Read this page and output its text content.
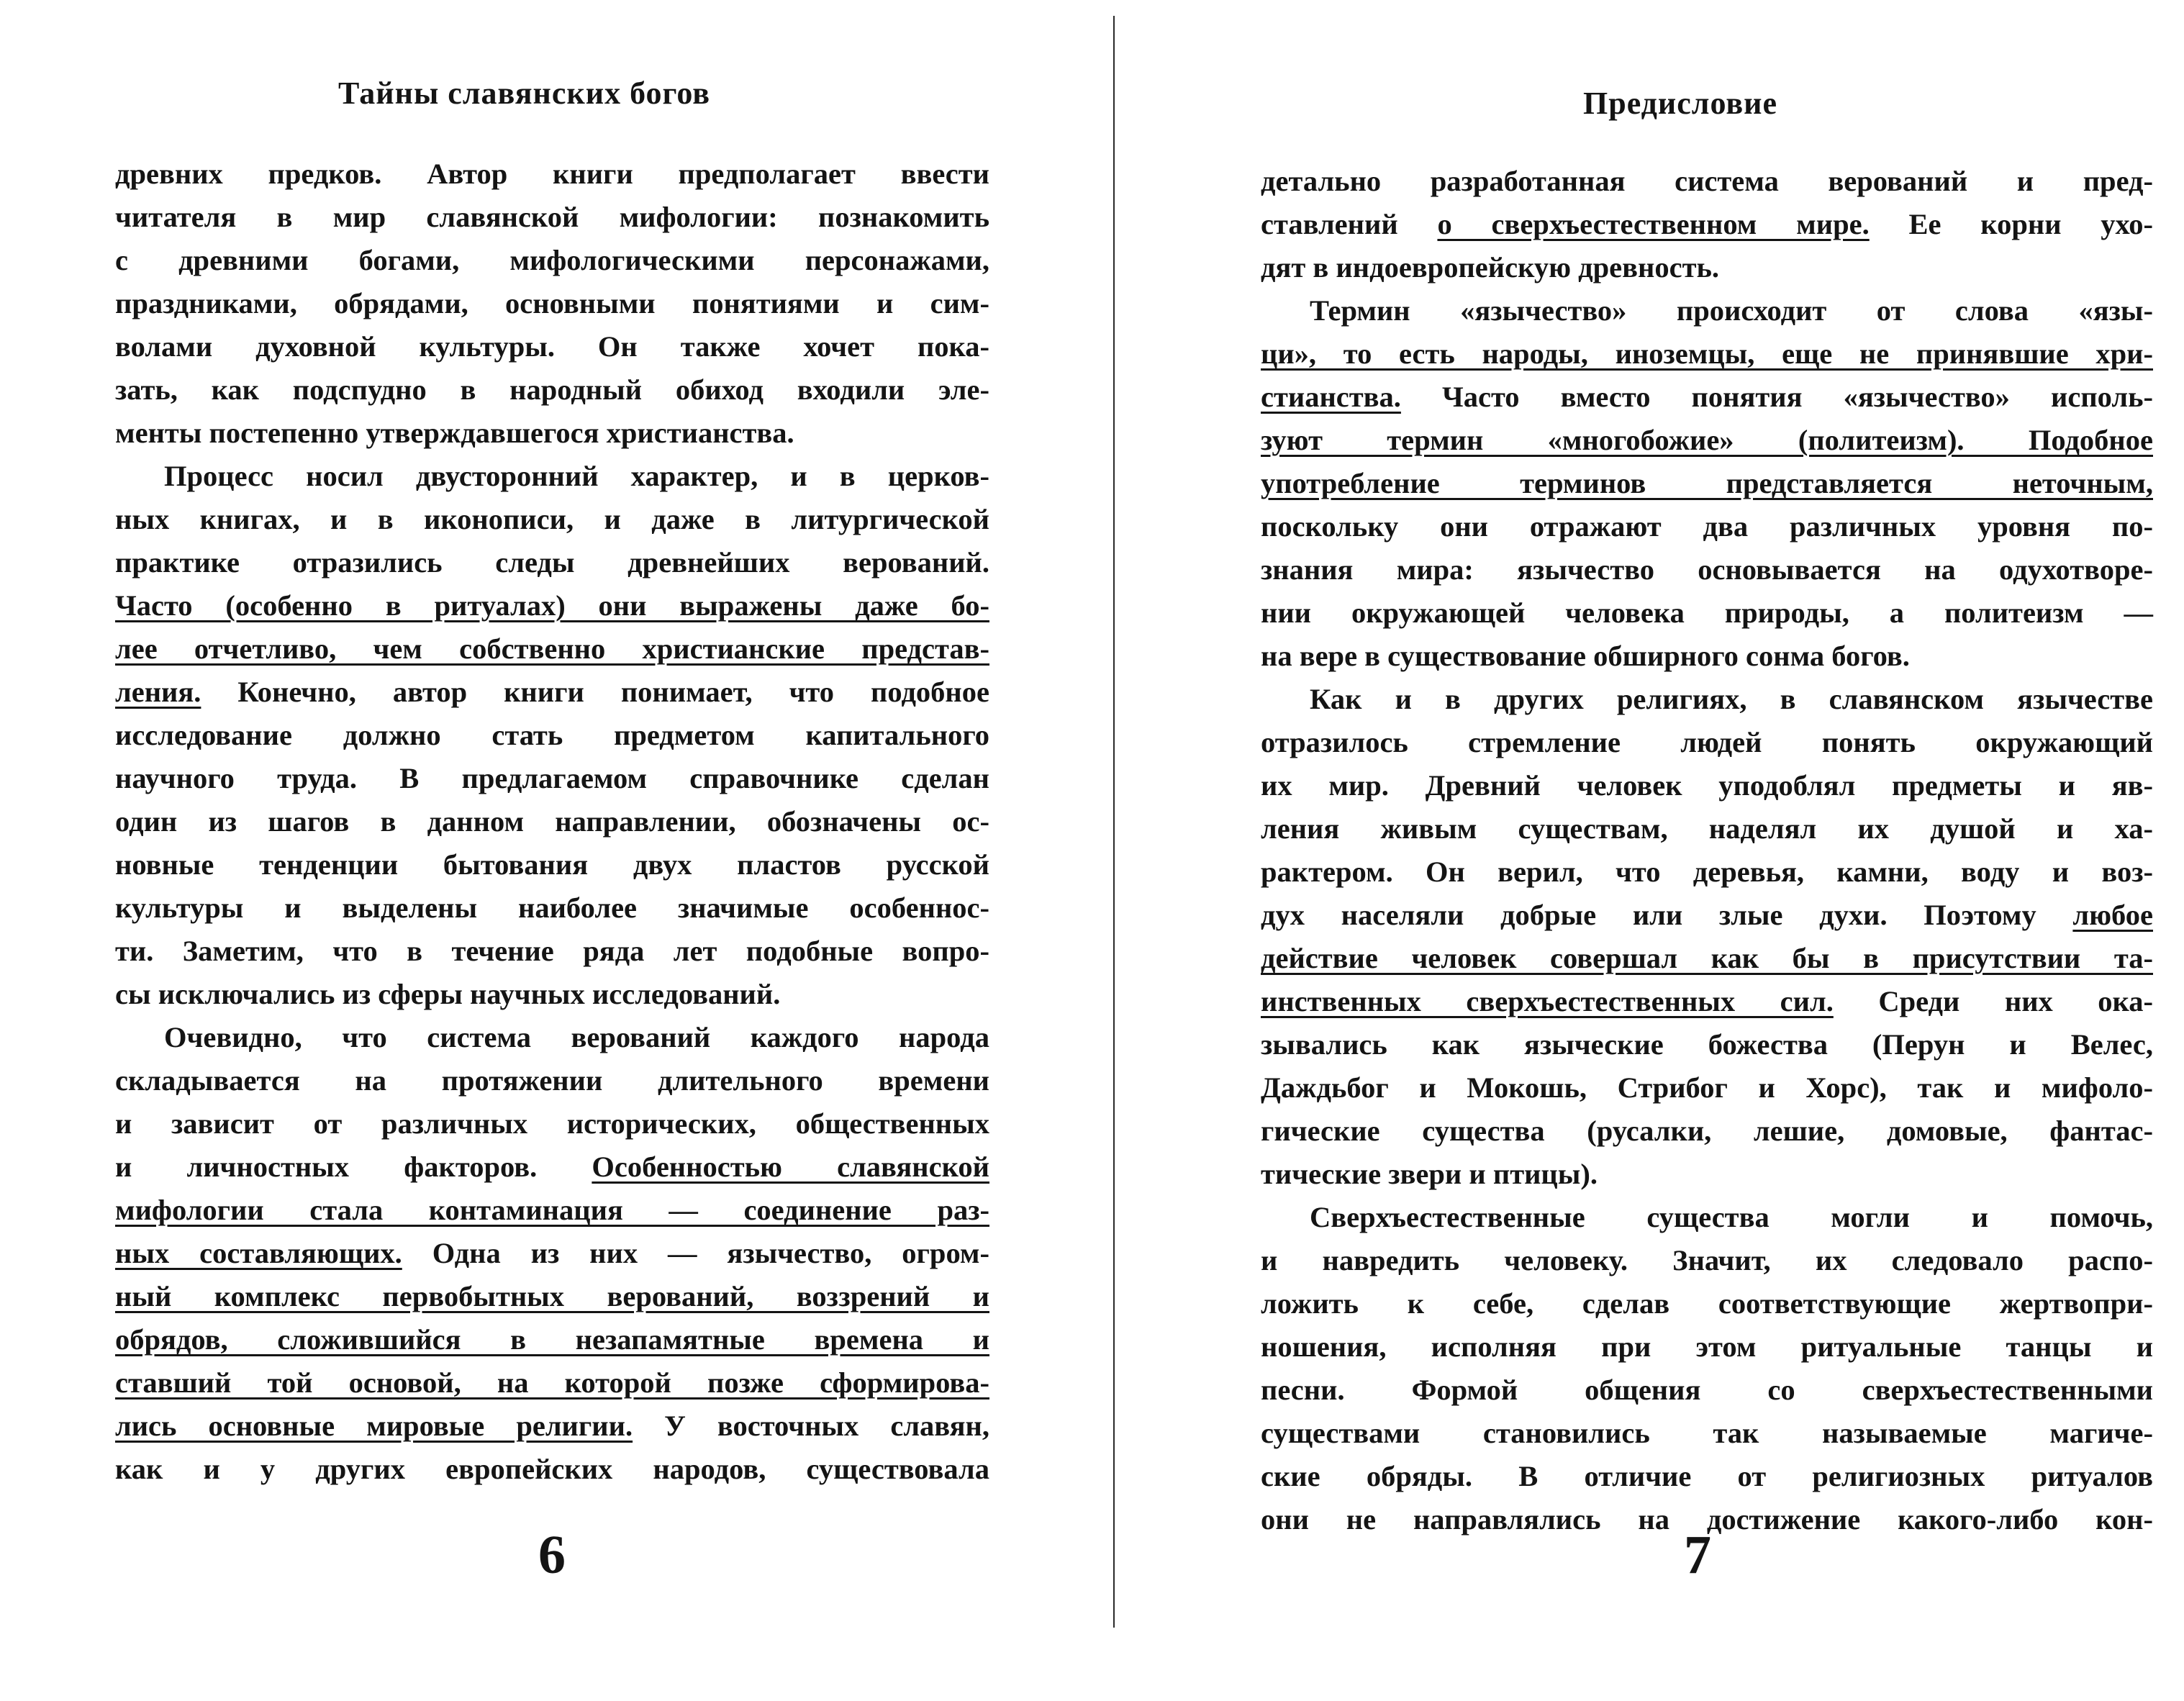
Тайны славянских богов
древних предков. Автор книги предполагает ввести
читателя в мир славянской мифологии: познакомить
с древними богами, мифологическими персонажами,
праздниками, обрядами, основными понятиями и сим-
волами духовной культуры. Он также хочет пока-
зать, как подспудно в народный обиход входили эле-
менты постепенно утверждавшегося христианства.
Процесс носил двусторонний характер, и в церков-
ных книгах, и в иконописи, и даже в литургической
практике отразились следы древнейших верований.
Часто (особенно в ритуалах) они выражены даже бо-
лее отчетливо, чем собственно христианские представ-
ления. Конечно, автор книги понимает, что подобное
исследование должно стать предметом капитального
научного труда. В предлагаемом справочнике сделан
один из шагов в данном направлении, обозначены ос-
новные тенденции бытования двух пластов русской
культуры и выделены наиболее значимые особеннос-
ти. Заметим, что в течение ряда лет подобные вопро-
сы исключались из сферы научных исследований.
Очевидно, что система верований каждого народа
складывается на протяжении длительного времени
и зависит от различных исторических, общественных
и личностных факторов. Особенностью славянской
мифологии стала контаминация — соединение раз-
ных составляющих. Одна из них — язычество, огром-
ный комплекс первобытных верований, воззрений и
обрядов, сложившийся в незапамятные времена и
ставший той основой, на которой позже сформирова-
лись основные мировые религии. У восточных славян,
как и у других европейских народов, существовала
6
Предисловие
детально разработанная система верований и пред-
ставлений о сверхъестественном мире. Ее корни ухо-
дят в индоевропейскую древность.
Термин «язычество» происходит от слова «язы-
ци», то есть народы, иноземцы, еще не принявшие хри-
стианства. Часто вместо понятия «язычество» исполь-
зуют термин «многобожие» (политеизм). Подобное
употребление терминов представляется неточным,
поскольку они отражают два различных уровня по-
знания мира: язычество основывается на одухотворе-
нии окружающей человека природы, а политеизм —
на вере в существование обширного сонма богов.
Как и в других религиях, в славянском язычестве
отразилось стремление людей понять окружающий
их мир. Древний человек уподоблял предметы и яв-
ления живым существам, наделял их душой и ха-
рактером. Он верил, что деревья, камни, воду и воз-
дух населяли добрые или злые духи. Поэтому любое
действие человек совершал как бы в присутствии та-
инственных сверхъестественных сил. Среди них ока-
зывались как языческие божества (Перун и Велес,
Даждьбог и Мокошь, Стрибог и Хорс), так и мифоло-
гические существа (русалки, лешие, домовые, фантас-
тические звери и птицы).
Сверхъестественные существа могли и помочь,
и навредить человеку. Значит, их следовало распо-
ложить к себе, сделав соответствующие жертвопри-
ношения, исполняя при этом ритуальные танцы и
песни. Формой общения со сверхъестественными
существами становились так называемые магиче-
ские обряды. В отличие от религиозных ритуалов
они не направлялись на достижение какого-либо кон-
7
